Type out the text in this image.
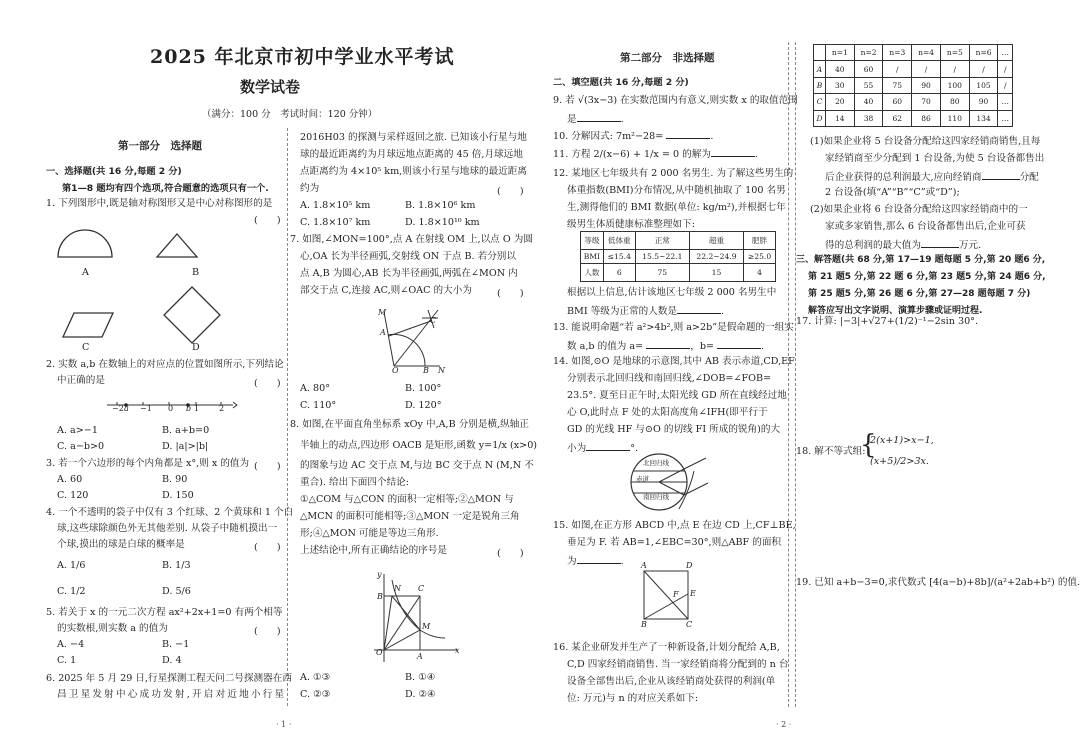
2025 年北京市初中学业水平考试
数学试卷
（满分：100 分　考试时间：120 分钟）
第一部分　选择题
一、选择题(共 16 分,每题 2 分)
第1—8 题均有四个选项,符合题意的选项只有一个.
1. 下列图形中,既是轴对称图形又是中心对称图形的是
(　　)
A	B
C	D
2. 实数 a,b 在数轴上的对应点的位置如图所示,下列结论
中正确的是	(　　)
−2 a −1 0 b 1 2
A. a>−1	B. a+b=0
C. a−b>0	D. |a|>|b|
3. 若一个六边形的每个内角都是 x°,则 x 的值为 (　　)
A. 60	B. 90
C. 120	D. 150
4. 一个不透明的袋子中仅有 3 个红球、2 个黄球和 1 个白
球,这些球除颜色外无其他差别. 从袋子中随机摸出一
个球,摸出的球是白球的概率是	(　　)
A. 1/6	B. 1/3
C. 1/2	D. 5/6
5. 若关于 x 的一元二次方程 ax²+2x+1=0 有两个相等
的实数根,则实数 a 的值为	(　　)
A. −4	B. −1
C. 1	D. 4
6. 2025 年 5 月 29 日,行星探测工程天问二号探测器在西
昌卫星发射中心成功发射,开启对近地小行星
2016H03 的探测与采样返回之旅. 已知该小行星与地
球的最近距离约为月球远地点距离的 45 倍,月球远地
点距离约为 4×10⁵ km,则该小行星与地球的最近距离
约为	(　　)
A. 1.8×10⁵ km	B. 1.8×10⁶ km
C. 1.8×10⁷ km	D. 1.8×10¹⁰ km
7. 如图,∠MON=100°,点 A 在射线 OM 上,以点 O 为圆
心,OA 长为半径画弧,交射线 ON 于点 B. 若分别以
点 A,B 为圆心,AB 长为半径画弧,两弧在∠MON 内
部交于点 C,连接 AC,则∠OAC 的大小为	(　　)
M
A
C
O	B N
A. 80°	B. 100°
C. 110°	D. 120°
8. 如图,在平面直角坐标系 xOy 中,A,B 分别是横,纵轴正
半轴上的动点,四边形 OACB 是矩形,函数 y=1/x (x>0)
的图象与边 AC 交于点 M,与边 BC 交于点 N (M,N 不
重合). 给出下面四个结论:
①△COM 与△CON 的面积一定相等;②△MON 与
△MCN 的面积可能相等;③△MON 一定是锐角三角
形;④△MON 可能是等边三角形.
上述结论中,所有正确结论的序号是	(　　)
y
B
N C
M
O	A
x
A. ①③	B. ①④
C. ②③	D. ②④
第二部分　非选择题
二、填空题(共 16 分,每题 2 分)
9. 若 √(3x−3) 在实数范围内有意义,则实数 x 的取值范围
是	.
10. 分解因式: 7m²−28=	.
11. 方程 2/(x−6) + 1/x = 0 的解为	.
12. 某地区七年级共有 2 000 名男生. 为了解这些男生的
体重指数(BMI)分布情况,从中随机抽取了 100 名男
生,测得他们的 BMI 数据(单位: kg/m²),并根据七年
级男生体质健康标准整理如下:
等级	低体重	正常	超重	肥胖
BMI	≤15.4	15.5~22.1	22.2~24.9	≥25.0
人数	6	75	15	4
根据以上信息,估计该地区七年级 2 000 名男生中
BMI 等级为正常的人数是	.
13. 能说明命题“若 a²>4b²,则 a>2b”是假命题的一组实
数 a,b 的值为 a=	，b=	.
14. 如图,⊙O 是地球的示意图,其中 AB 表示赤道,CD,EF
分别表示北回归线和南回归线,∠DOB=∠FOB=
23.5°. 夏至日正午时,太阳光线 GD 所在直线经过地
心 O,此时点 F 处的太阳高度角∠IFH(即平行于
GD 的光线 HF 与⊙O 的切线 FI 所成的锐角)的大
小为	°.
北回归线
赤道
南回归线
15. 如图,在正方形 ABCD 中,点 E 在边 CD 上,CF⊥BE,
垂足为 F. 若 AB=1,∠EBC=30°,则△ABF 的面积
为	. A	D
F E
B	C
16. 某企业研发并生产了一种新设备,计划分配给 A,B,
C,D 四家经销商销售. 当一家经销商将分配到的 n 台
设备全部售出后,企业从该经销商处获得的利润(单
位: 万元)与 n 的对应关系如下:
	n=1	n=2	n=3	n=4	n=5	n=6	…
A	40	60	/	/	/	/	/
B	30	55	75	90	100	105	/
C	20	40	60	70	80	90	…
D	14	38	62	86	110	134	…
(1)如果企业将 5 台设备分配给这四家经销商销售,且每
家经销商至少分配到 1 台设备,为使 5 台设备都售出
后企业获得的总利润最大,应向经销商	分配
2 台设备(填“A”“B”“C”或“D”);
(2)如果企业将 6 台设备分配给这四家经销商中的一
家或多家销售,那么 6 台设备都售出后,企业可获
得的总利润的最大值为	万元.
三、解答题(共 68 分,第 17—19 题每题 5 分,第 20 题6 分,
第 21 题5 分,第 22 题 6 分,第 23 题5 分,第 24 题6 分,
第 25 题5 分,第 26 题 6 分,第 27—28 题每题 7 分)
解答应写出文字说明、演算步骤或证明过程.
17. 计算: |−3|+√27+(1/2)⁻¹−2sin 30°.
18. 解不等式组:
{
2(x+1)>x−1,
(x+5)/2>3x.
19. 已知 a+b−3=0,求代数式 [4(a−b)+8b]/(a²+2ab+b²) 的值.
· 1 ·	· 2 ·
